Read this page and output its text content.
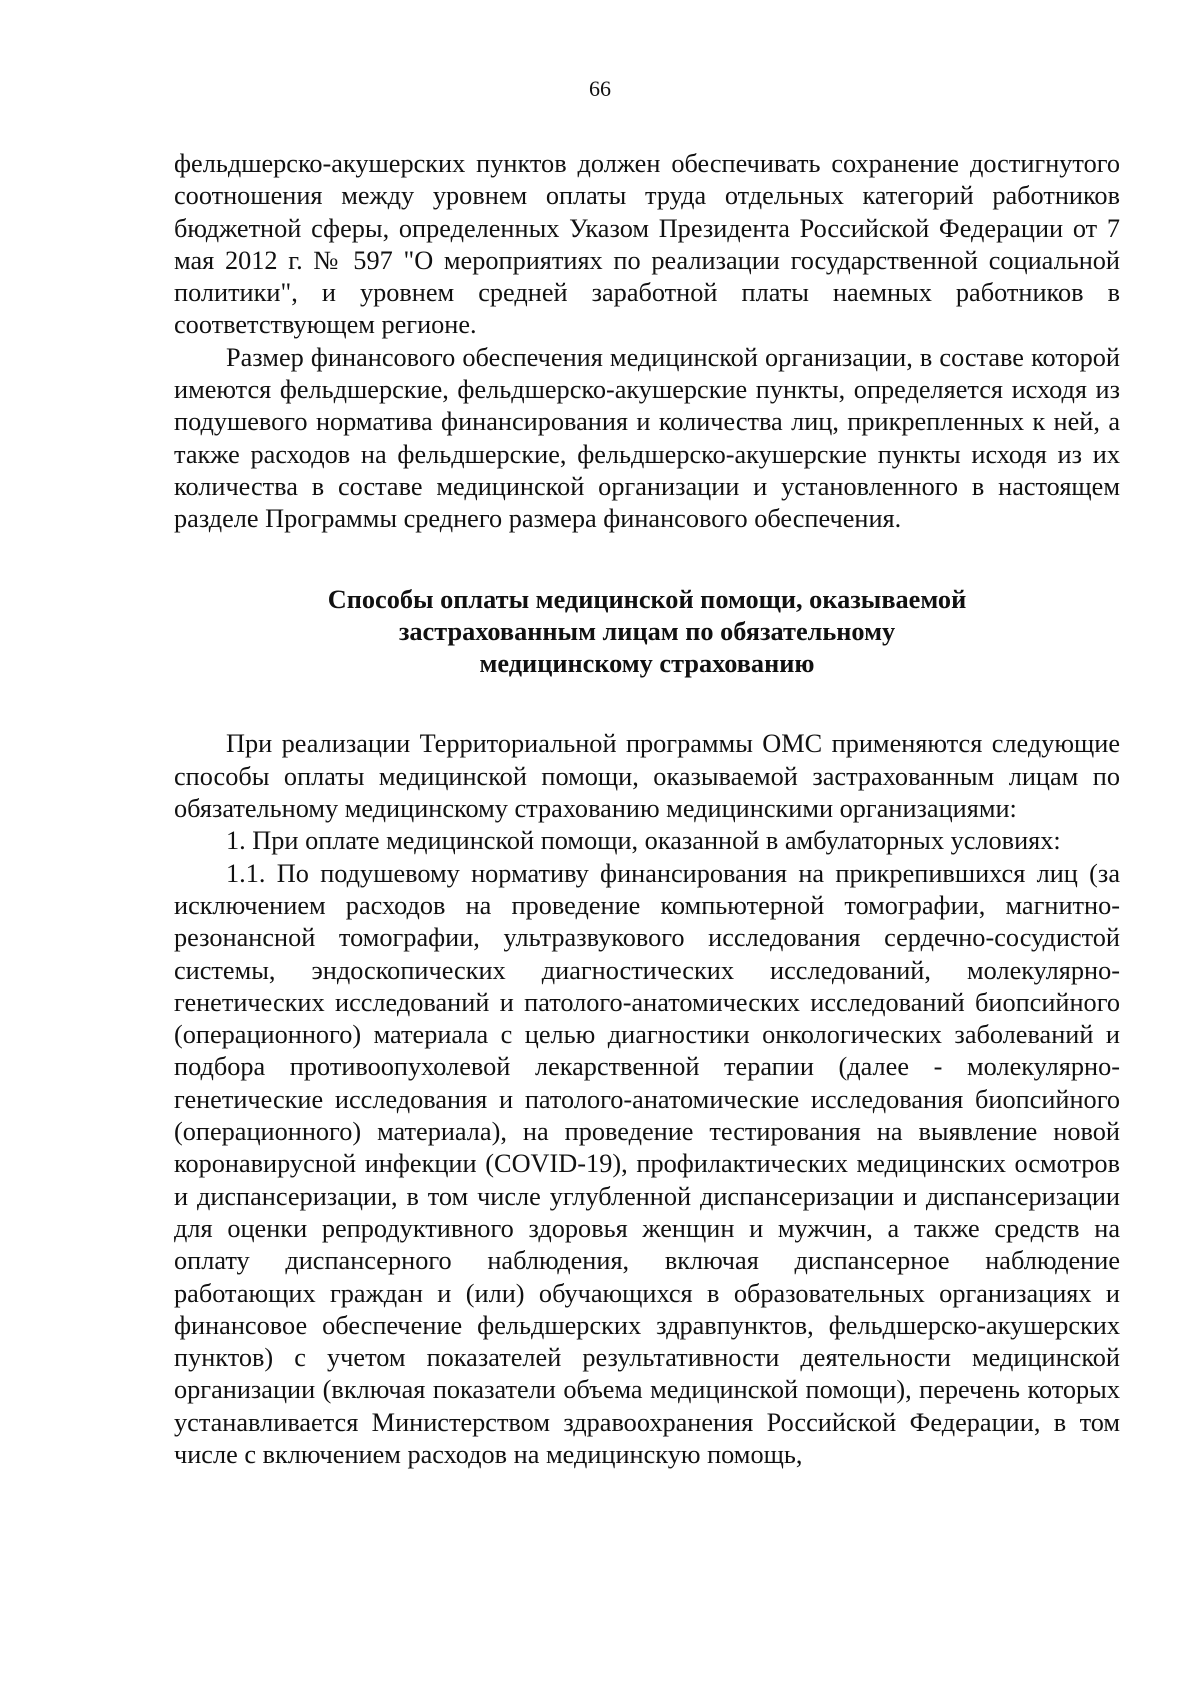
66

фельдшерско-акушерских пунктов должен обеспечивать сохранение достигнутого соотношения между уровнем оплаты труда отдельных категорий работников бюджетной сферы, определенных Указом Президента Российской Федерации от 7 мая 2012 г. № 597 "О мероприятиях по реализации государственной социальной политики", и уровнем средней заработной платы наемных работников в соответствующем регионе.

Размер финансового обеспечения медицинской организации, в составе которой имеются фельдшерские, фельдшерско-акушерские пункты, определяется исходя из подушевого норматива финансирования и количества лиц, прикрепленных к ней, а также расходов на фельдшерские, фельдшерско-акушерские пункты исходя из их количества в составе медицинской организации и установленного в настоящем разделе Программы среднего размера финансового обеспечения.

Способы оплаты медицинской помощи, оказываемой
застрахованным лицам по обязательному
медицинскому страхованию

При реализации Территориальной программы ОМС применяются следующие способы оплаты медицинской помощи, оказываемой застрахованным лицам по обязательному медицинскому страхованию медицинскими организациями:

1. При оплате медицинской помощи, оказанной в амбулаторных условиях:

1.1. По подушевому нормативу финансирования на прикрепившихся лиц (за исключением расходов на проведение компьютерной томографии, магнитно-резонансной томографии, ультразвукового исследования сердечно-сосудистой системы, эндоскопических диагностических исследований, молекулярно-генетических исследований и патолого-анатомических исследований биопсийного (операционного) материала с целью диагностики онкологических заболеваний и подбора противоопухолевой лекарственной терапии (далее - молекулярно-генетические исследования и патолого-анатомические исследования биопсийного (операционного) материала), на проведение тестирования на выявление новой коронавирусной инфекции (COVID-19), профилактических медицинских осмотров и диспансеризации, в том числе углубленной диспансеризации и диспансеризации для оценки репродуктивного здоровья женщин и мужчин, а также средств на оплату диспансерного наблюдения, включая диспансерное наблюдение работающих граждан и (или) обучающихся в образовательных организациях и финансовое обеспечение фельдшерских здравпунктов, фельдшерско-акушерских пунктов) с учетом показателей результативности деятельности медицинской организации (включая показатели объема медицинской помощи), перечень которых устанавливается Министерством здравоохранения Российской Федерации, в том числе с включением расходов на медицинскую помощь,
